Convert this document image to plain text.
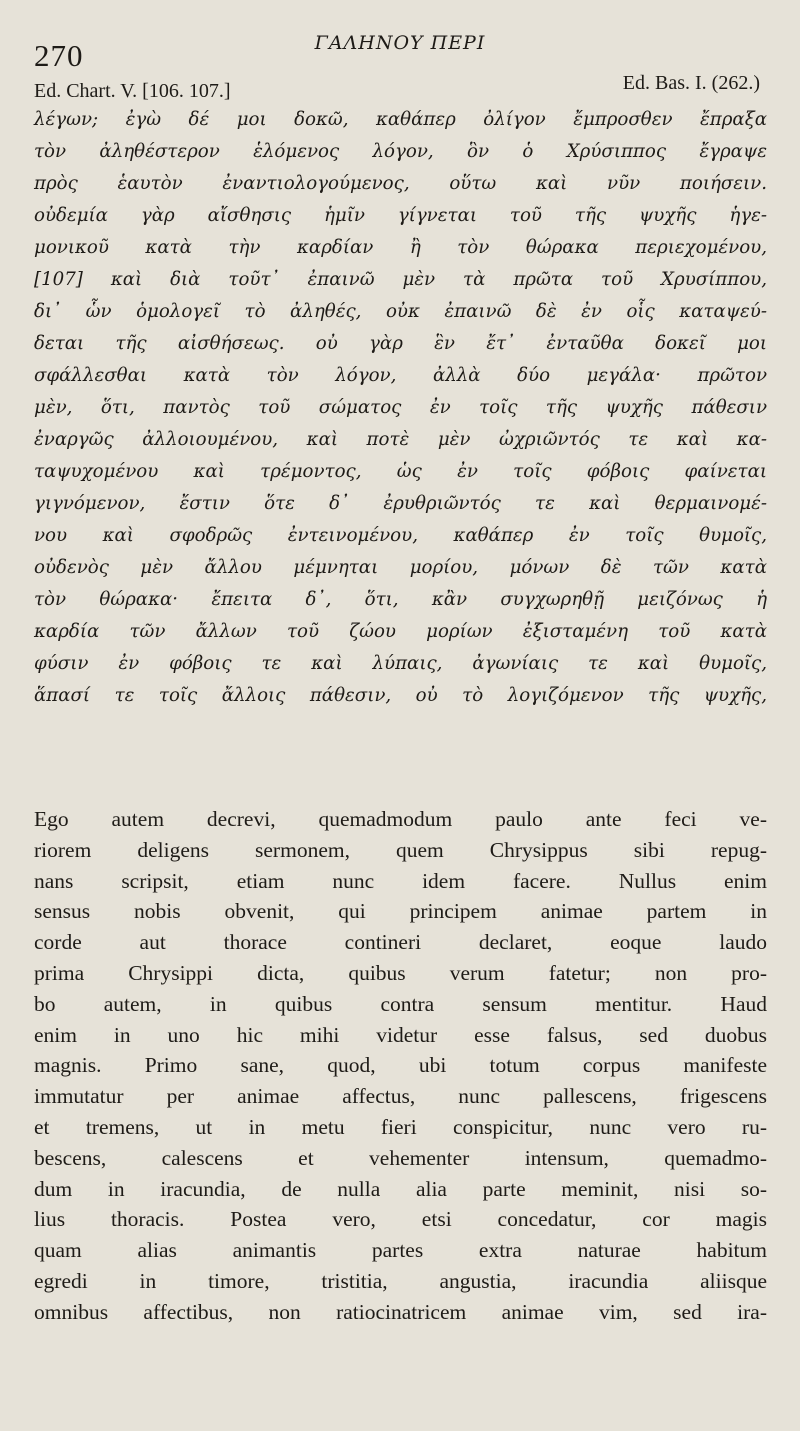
270	ΓΑΛΗΝΟΥ ΠΕΡΙ
Ed. Chart. V. [106. 107.]	Ed. Bas. I. (262.)
λέγων; ἐγὼ δέ μοι δοκῶ, καθάπερ ὀλίγον ἔμπροσθεν ἔπραξα
τὸν ἀληθέστερον ἑλόμενος λόγον, ὃν ὁ Χρύσιππος ἔγραψε
πρὸς ἑαυτὸν ἐναντιολογούμενος, οὕτω καὶ νῦν ποιήσειν.
οὐδεμία γὰρ αἴσθησις ἡμῖν γίγνεται τοῦ τῆς ψυχῆς ἡγε-
μονικοῦ κατὰ τὴν καρδίαν ἢ τὸν θώρακα περιεχομένου,
[107] καὶ διὰ τοῦτ᾽ ἐπαινῶ μὲν τὰ πρῶτα τοῦ Χρυσίππου,
δι᾽ ὧν ὁμολογεῖ τὸ ἀληθές, οὐκ ἐπαινῶ δὲ ἐν οἷς καταψεύ-
δεται τῆς αἰσθήσεως. οὐ γὰρ ἓν ἔτ᾽ ἐνταῦθα δοκεῖ μοι
σφάλλεσθαι κατὰ τὸν λόγον, ἀλλὰ δύο μεγάλα· πρῶτον
μὲν, ὅτι, παντὸς τοῦ σώματος ἐν τοῖς τῆς ψυχῆς πάθεσιν
ἐναργῶς ἀλλοιουμένου, καὶ ποτὲ μὲν ὠχριῶντός τε καὶ κα-
ταψυχομένου καὶ τρέμοντος, ὡς ἐν τοῖς φόβοις φαίνεται
γιγνόμενον, ἔστιν ὅτε δ᾽ ἐρυθριῶντός τε καὶ θερμαινομέ-
νου καὶ σφοδρῶς ἐντεινομένου, καθάπερ ἐν τοῖς θυμοῖς,
οὐδενὸς μὲν ἄλλου μέμνηται μορίου, μόνων δὲ τῶν κατὰ
τὸν θώρακα· ἔπειτα δ᾽, ὅτι, κἂν συγχωρηθῇ μειζόνως ἡ
καρδία τῶν ἄλλων τοῦ ζώου μορίων ἐξισταμένη τοῦ κατὰ
φύσιν ἐν φόβοις τε καὶ λύπαις, ἀγωνίαις τε καὶ θυμοῖς,
ἅπασί τε τοῖς ἄλλοις πάθεσιν, οὐ τὸ λογιζόμενον τῆς ψυχῆς,
Ego autem decrevi, quemadmodum paulo ante feci ve-
riorem deligens sermonem, quem Chrysippus sibi repug-
nans scripsit, etiam nunc idem facere. Nullus enim
sensus nobis obvenit, qui principem animae partem in
corde aut thorace contineri declaret, eoque laudo
prima Chrysippi dicta, quibus verum fatetur; non pro-
bo autem, in quibus contra sensum mentitur. Haud
enim in uno hic mihi videtur esse falsus, sed duobus
magnis. Primo sane, quod, ubi totum corpus manifeste
immutatur per animae affectus, nunc pallescens, frigescens
et tremens, ut in metu fieri conspicitur, nunc vero ru-
bescens, calescens et vehementer intensum, quemadmo-
dum in iracundia, de nulla alia parte meminit, nisi so-
lius thoracis. Postea vero, etsi concedatur, cor magis
quam alias animantis partes extra naturae habitum
egredi in timore, tristitia, angustia, iracundia aliisque
omnibus affectibus, non ratiocinatricem animae vim, sed ira-
